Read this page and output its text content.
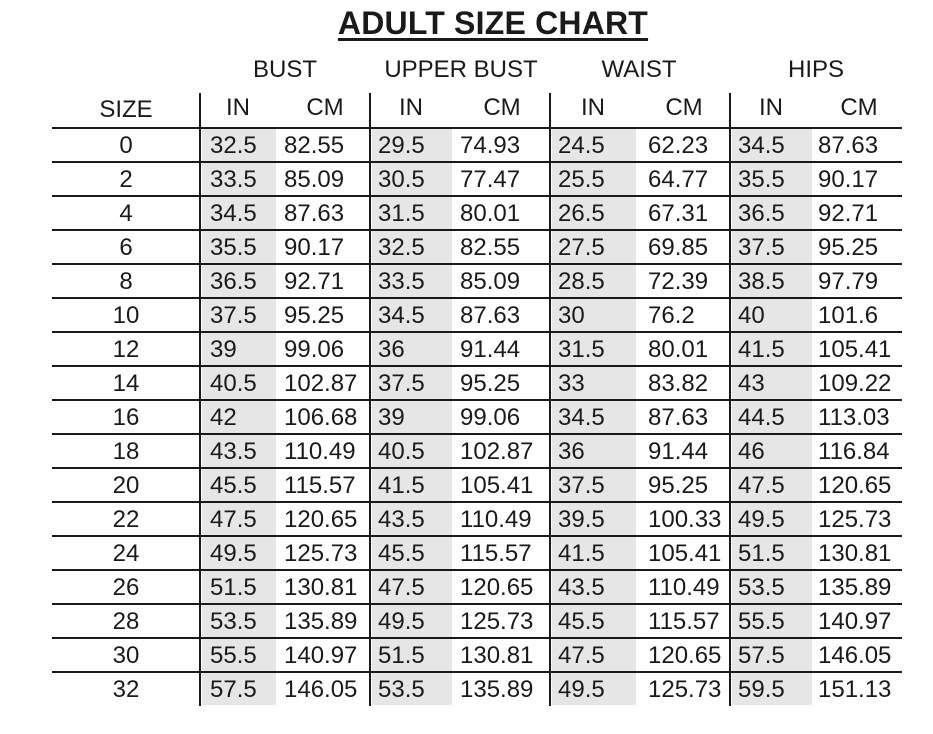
ADULT SIZE CHART
BUST	UPPER BUST	WAIST	HIPS
SIZE	IN	CM	IN	CM	IN	CM	IN	CM
0	32.5	82.55	29.5	74.93	24.5	62.23	34.5	87.63
2	33.5	85.09	30.5	77.47	25.5	64.77	35.5	90.17
4	34.5	87.63	31.5	80.01	26.5	67.31	36.5	92.71
6	35.5	90.17	32.5	82.55	27.5	69.85	37.5	95.25
8	36.5	92.71	33.5	85.09	28.5	72.39	38.5	97.79
10	37.5	95.25	34.5	87.63	30	76.2	40	101.6
12	39	99.06	36	91.44	31.5	80.01	41.5	105.41
14	40.5	102.87 37.5	95.25	33	83.82	43	109.22
16	42	106.68 39	99.06	34.5	87.63	44.5	113.03
18	43.5	110.49 40.5	102.87	36	91.44	46	116.84
20	45.5	115.57 41.5	105.41	37.5	95.25	47.5	120.65
22	47.5	120.65 43.5	110.49	39.5	100.33 49.5	125.73
24	49.5	125.73 45.5	115.57	41.5	105.41 51.5	130.81
26	51.5	130.81 47.5	120.65	43.5	110.49 53.5	135.89
28	53.5	135.89 49.5	125.73	45.5	115.57 55.5	140.97
30	55.5	140.97 51.5	130.81	47.5	120.65 57.5	146.05
32	57.5	146.05 53.5	135.89	49.5	125.73 59.5	151.13
